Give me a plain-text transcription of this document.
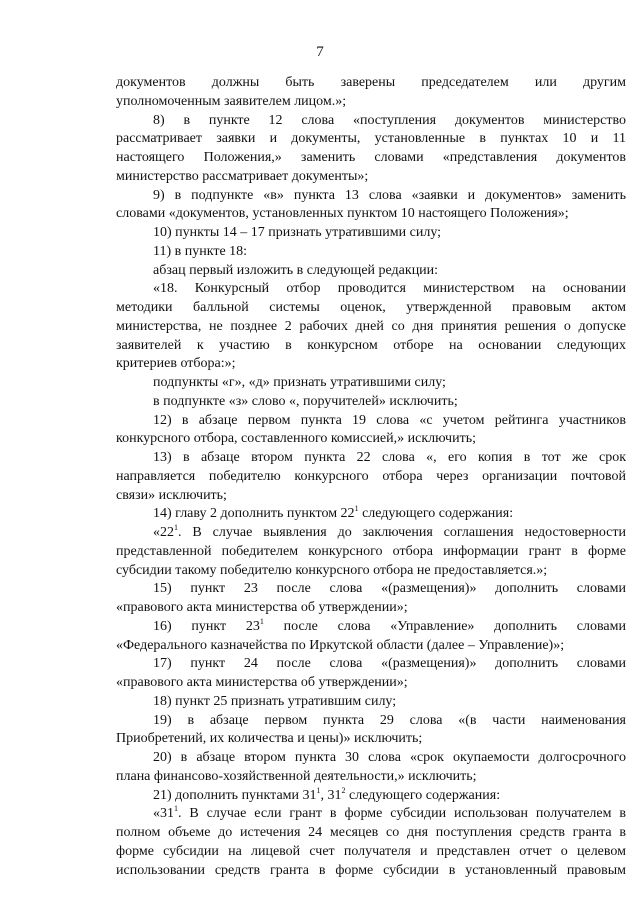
7
документов должны быть заверены председателем или другим
уполномоченным заявителем лицом.»;
8) в пункте 12 слова «поступления документов министерство
рассматривает заявки и документы, установленные в пунктах 10 и 11
настоящего Положения,» заменить словами «представления документов
министерство рассматривает документы»;
9) в подпункте «в» пункта 13 слова «заявки и документов» заменить
словами «документов, установленных пунктом 10 настоящего Положения»;
10) пункты 14 – 17 признать утратившими силу;
11) в пункте 18:
абзац первый изложить в следующей редакции:
«18. Конкурсный отбор проводится министерством на основании
методики балльной системы оценок, утвержденной правовым актом
министерства, не позднее 2 рабочих дней со дня принятия решения о допуске
заявителей к участию в конкурсном отборе на основании следующих
критериев отбора:»;
подпункты «г», «д» признать утратившими силу;
в подпункте «з» слово «, поручителей» исключить;
12) в абзаце первом пункта 19 слова «с учетом рейтинга участников
конкурсного отбора, составленного комиссией,» исключить;
13) в абзаце втором пункта 22 слова «, его копия в тот же срок
направляется победителю конкурсного отбора через организации почтовой
связи» исключить;
14) главу 2 дополнить пунктом $22^1$ следующего содержания:
«$22^1$. В случае выявления до заключения соглашения недостоверности
представленной победителем конкурсного отбора информации грант в форме
субсидии такому победителю конкурсного отбора не предоставляется.»;
15) пункт 23 после слова «(размещения)» дополнить словами
«правового акта министерства об утверждении»;
16) пункт $23^1$ после слова «Управление» дополнить словами
«Федерального казначейства по Иркутской области (далее – Управление)»;
17) пункт 24 после слова «(размещения)» дополнить словами
«правового акта министерства об утверждении»;
18) пункт 25 признать утратившим силу;
19) в абзаце первом пункта 29 слова «(в части наименования
Приобретений, их количества и цены)» исключить;
20) в абзаце втором пункта 30 слова «срок окупаемости долгосрочного
плана финансово-хозяйственной деятельности,» исключить;
21) дополнить пунктами $31^1$, $31^2$ следующего содержания:
«$31^1$. В случае если грант в форме субсидии использован получателем в
полном объеме до истечения 24 месяцев со дня поступления средств гранта в
форме субсидии на лицевой счет получателя и представлен отчет о целевом
использовании средств гранта в форме субсидии в установленный правовым
